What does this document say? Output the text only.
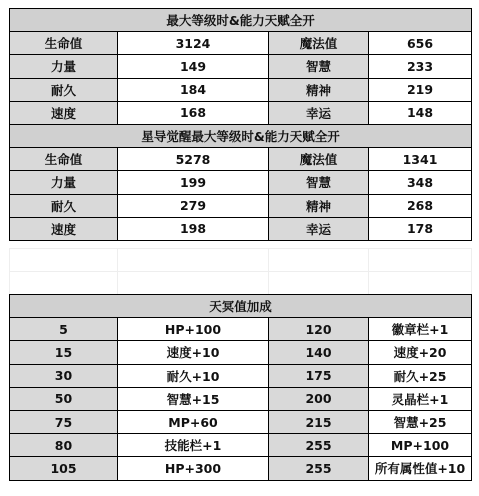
最大等级时&能力天赋全开			
生命值	3124	魔法值	656
力量	149	智慧	233
耐久	184	精神	219
速度	168	幸运	148
星导觉醒最大等级时&能力天赋全开			
生命值	5278	魔法值	1341
力量	199	智慧	348
耐久	279	精神	268
速度	198	幸运	178

天冥值加成			
5	HP+100	120	徽章栏+1
15	速度+10	140	速度+20
30	耐久+10	175	耐久+25
50	智慧+15	200	灵晶栏+1
75	MP+60	215	智慧+25
80	技能栏+1	255	MP+100
105	HP+300	255	所有属性值+10
